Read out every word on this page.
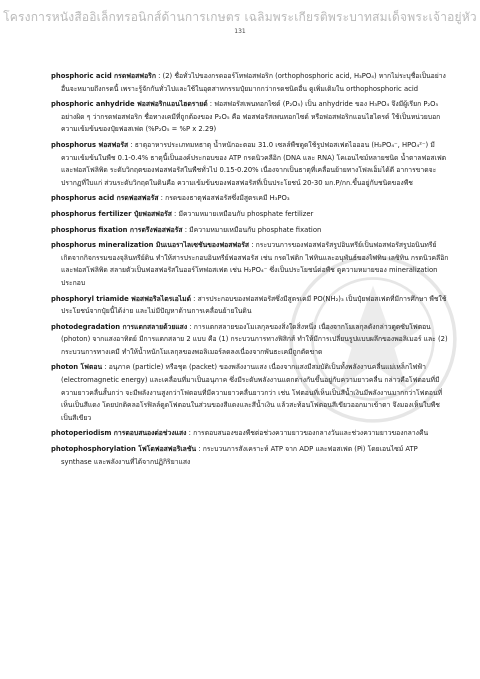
โครงการหนังสืออิเล็กทรอนิกส์ด้านการเกษตร เฉลิมพระเกียรติพระบาทสมเด็จพระเจ้าอยู่หัว
131

phosphoric acid กรดฟอสฟอริก : (2) ชื่อทั่วไปของกรดออร์โทฟอสฟอริก (orthophosphoric acid, H₃PO₄) หากไม่ระบุชื่อเป็นอย่างอื่นจะหมายถึงกรดนี้ เพราะรู้จักกันทั่วไปและใช้ในอุตสาหกรรมปุ๋ยมากกว่ากรดชนิดอื่น ดูเพิ่มเติมใน orthophosphoric acid

phosphoric anhydride ฟอสฟอริกแอนไฮดรายด์ : ฟอสฟอรัสเพนทอกไซด์ (P₂O₅) เป็น anhydride ของ H₃PO₄ จึงมีผู้เรียก P₂O₅ อย่างผิด ๆ ว่ากรดฟอสฟอริก ชื่อทางเคมีที่ถูกต้องของ P₂O₅ คือ ฟอสฟอรัสเพนทอกไซด์ หรือฟอสฟอริกแอนไฮไดรด์ ใช้เป็นหน่วยบอกความเข้มข้นของปุ๋ยฟอสเฟต (%P₂O₅ = %P x 2.29)

phosphorus ฟอสฟอรัส : ธาตุอาหารประเภทมหธาตุ น้ำหนักอะตอม 31.0 เซลล์พืชดูดใช้รูปฟอสเฟตไอออน (H₂PO₄⁻, HPO₄²⁻) มีความเข้มข้นในพืช 0.1-0.4% ธาตุนี้เป็นองค์ประกอบของ ATP กรดนิวคลีอิก (DNA และ RNA) โคเอนไซม์หลายชนิด น้ำตาลฟอสเฟต และฟอสโฟลิพิด ระดับวิกฤตของฟอสฟอรัสในพืชทั่วไป 0.15-0.20% เนื่องจากเป็นธาตุที่เคลื่อนย้ายทางโฟลเอ็มได้ดี อาการขาดจะปรากฏที่ใบแก่ ส่วนระดับวิกฤตในดินคือ ความเข้มข้นของฟอสฟอรัสที่เป็นประโยชน์ 20-30 มก.P/กก.ขึ้นอยู่กับชนิดของพืช

phosphorus acid กรดฟอสฟอรัส : กรดของธาตุฟอสฟอรัสซึ่งมีสูตรเคมี H₃PO₃

phosphorus fertilizer ปุ๋ยฟอสฟอรัส : มีความหมายเหมือนกับ phosphate fertilizer

phosphorus fixation การตรึงฟอสฟอรัส : มีความหมายเหมือนกับ phosphate fixation

phosphorus mineralization มินเนอราไลเซชันของฟอสฟอรัส : กระบวนการของฟอสฟอรัสรูปอินทรีย์เป็นฟอสฟอรัสรูปอนินทรีย์ เกิดจากกิจกรรมของจุลินทรีย์ดิน ทำให้สารประกอบอินทรีย์ฟอสฟอรัส เช่น กรดไฟติก ไฟทินและอนุพันธ์ของไฟทิน เลซิทิน กรดนิวคลีอิก และฟอสโฟลิพิด สลายตัวเป็นฟอสฟอรัสในออร์โทฟอสเฟต เช่น H₂PO₄⁻ ซึ่งเป็นประโยชน์ต่อพืช ดูความหมายของ mineralization ประกอบ

phosphoryl triamide ฟอสฟอริลไตรเอไมด์ : สารประกอบของฟอสฟอรัสซึ่งมีสูตรเคมี PO(NH₂)₃ เป็นปุ๋ยฟอสเฟตที่มีการศึกษา พืชใช้ประโยชน์จากปุ๋ยนี้ได้ง่าย และไม่มีปัญหาด้านการเคลื่อนย้ายในดิน

photodegradation การแตกสลายด้วยแสง : การแตกสลายของโมเลกุลของสิ่งใดสิ่งหนึ่ง เนื่องจากโมเลกุลดังกล่าวดูดซับโฟตอน (photon) จากแสงอาทิตย์ มีการแตกสลาย 2 แบบ คือ (1) กระบวนการทางฟิสิกส์ ทำให้มีการเปลี่ยนรูปแบบผลึกของพอลิเมอร์ และ (2) กระบวนการทางเคมี ทำให้น้ำหนักโมเลกุลของพอลิเมอร์ลดลงเนื่องจากพันธะเคมีถูกตัดขาด

photon โฟตอน : อนุภาค (particle) หรือชุด (packet) ของพลังงานแสง เนื่องจากแสงมีสมบัติเป็นทั้งพลังงานคลื่นแม่เหล็กไฟฟ้า (electromagnetic energy) และเคลื่อนที่มาเป็นอนุภาค ซึ่งมีระดับพลังงานแตกต่างกันขึ้นอยู่กับความยาวคลื่น กล่าวคือโฟตอนที่มีความยาวคลื่นสั้นกว่า จะมีพลังงานสูงกว่าโฟตอนที่มีความยาวคลื่นยาวกว่า เช่น โฟตอนที่เห็นเป็นสีน้ำเงินมีพลังงานมากกว่าโฟตอนที่เห็นเป็นสีแดง โดยปกติคลอโรฟิลล์ดูดโฟตอนในส่วนของสีแดงและสีน้ำเงิน แล้วสะท้อนโฟตอนสีเขียวออกมาเข้าตา จึงมองเห็นใบพืชเป็นสีเขียว

photoperiodism การตอบสนองต่อช่วงแสง : การตอบสนองของพืชต่อช่วงความยาวของกลางวันและช่วงความยาวของกลางคืน

photophosphorylation โฟโตฟอสฟอริเลชัน : กระบวนการสังเคราะห์ ATP จาก ADP และฟอสเฟต (Pi) โดยเอนไซม์ ATP synthase และพลังงานที่ได้จากปฏิกิริยาแสง
